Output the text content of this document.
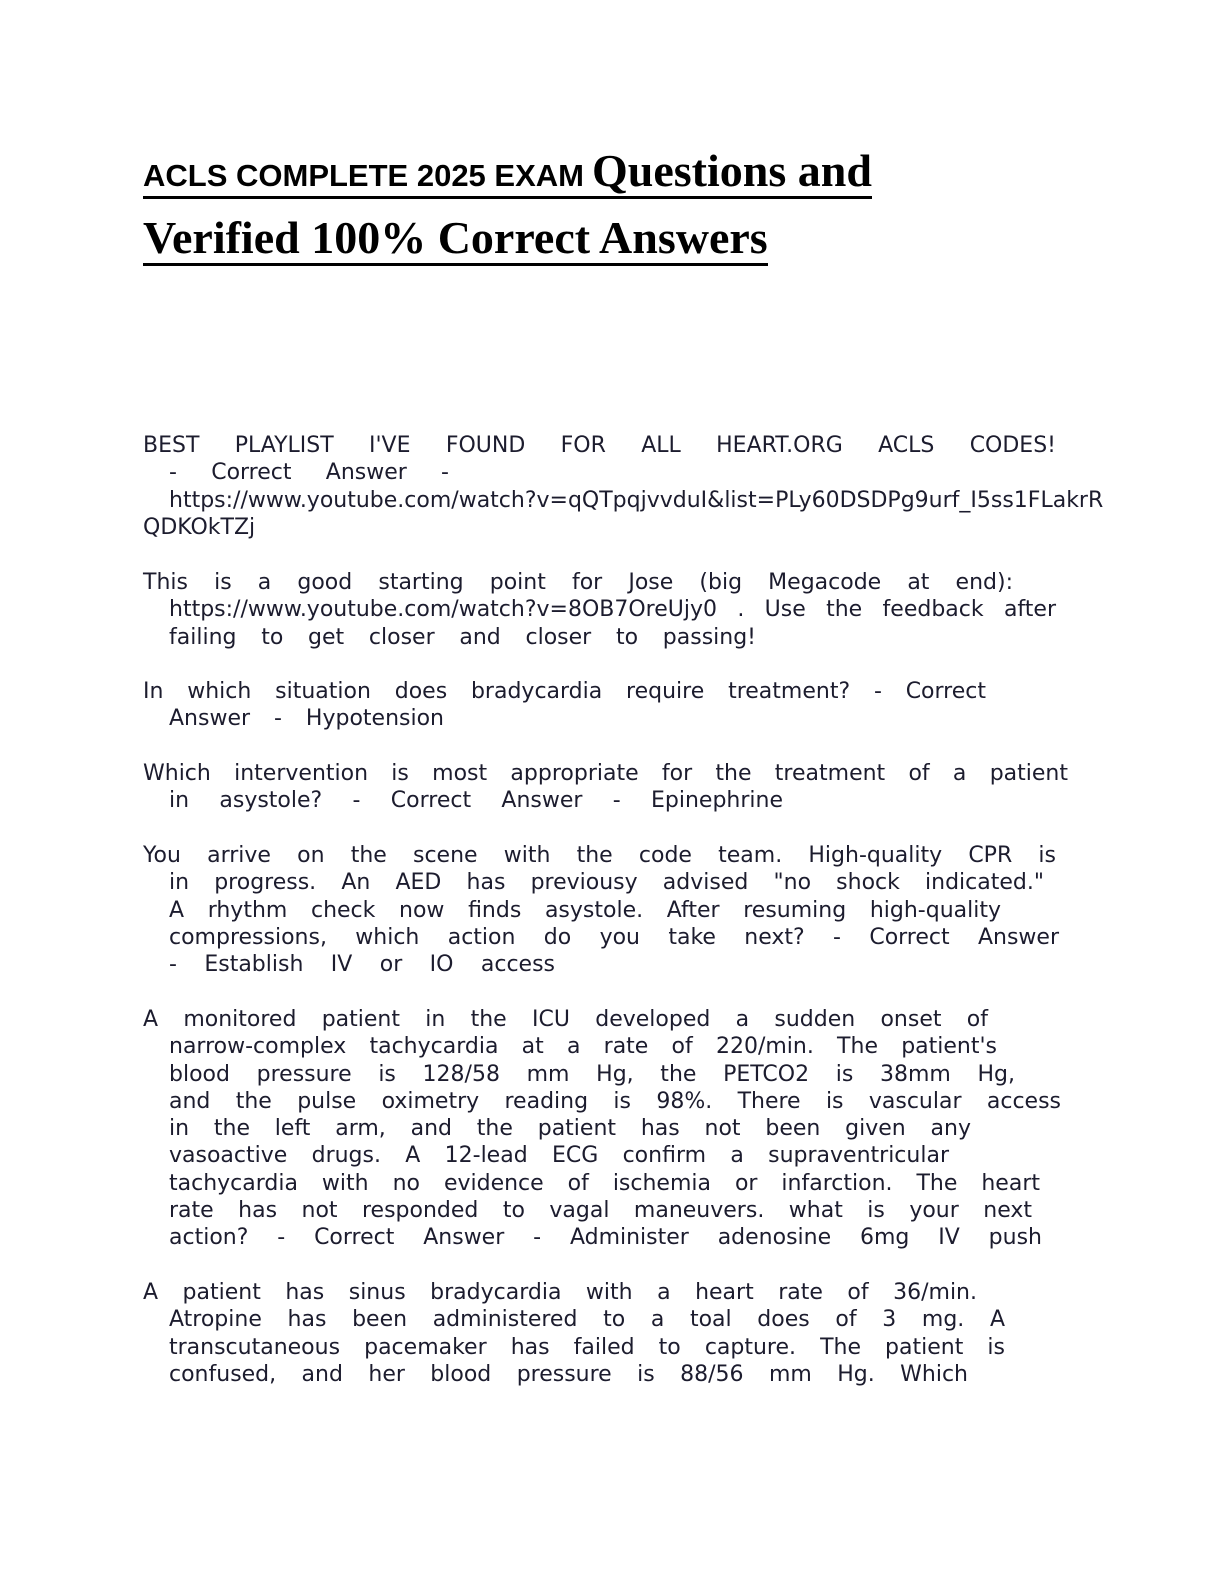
ACLS COMPLETE 2025 EXAM Questions and
Verified 100% Correct Answers
BEST PLAYLIST I'VE FOUND FOR ALL HEART.ORG ACLS CODES!
- Correct Answer -
https://www.youtube.com/watch?v=qQTpqjvvduI&list=PLy60DSDPg9urf_I5ss1FLakrR
QDKOkTZj
This is a good starting point for Jose (big Megacode at end):
https://www.youtube.com/watch?v=8OB7OreUjy0 . Use the feedback after
failing to get closer and closer to passing!
In which situation does bradycardia require treatment? - Correct
Answer - Hypotension
Which intervention is most appropriate for the treatment of a patient
in asystole? - Correct Answer - Epinephrine
You arrive on the scene with the code team. High-quality CPR is
in progress. An AED has previousy advised "no shock indicated."
A rhythm check now finds asystole. After resuming high-quality
compressions, which action do you take next? - Correct Answer
- Establish IV or IO access
A monitored patient in the ICU developed a sudden onset of
narrow-complex tachycardia at a rate of 220/min. The patient's
blood pressure is 128/58 mm Hg, the PETCO2 is 38mm Hg,
and the pulse oximetry reading is 98%. There is vascular access
in the left arm, and the patient has not been given any
vasoactive drugs. A 12-lead ECG confirm a supraventricular
tachycardia with no evidence of ischemia or infarction. The heart
rate has not responded to vagal maneuvers. what is your next
action? - Correct Answer - Administer adenosine 6mg IV push
A patient has sinus bradycardia with a heart rate of 36/min.
Atropine has been administered to a toal does of 3 mg. A
transcutaneous pacemaker has failed to capture. The patient is
confused, and her blood pressure is 88/56 mm Hg. Which
